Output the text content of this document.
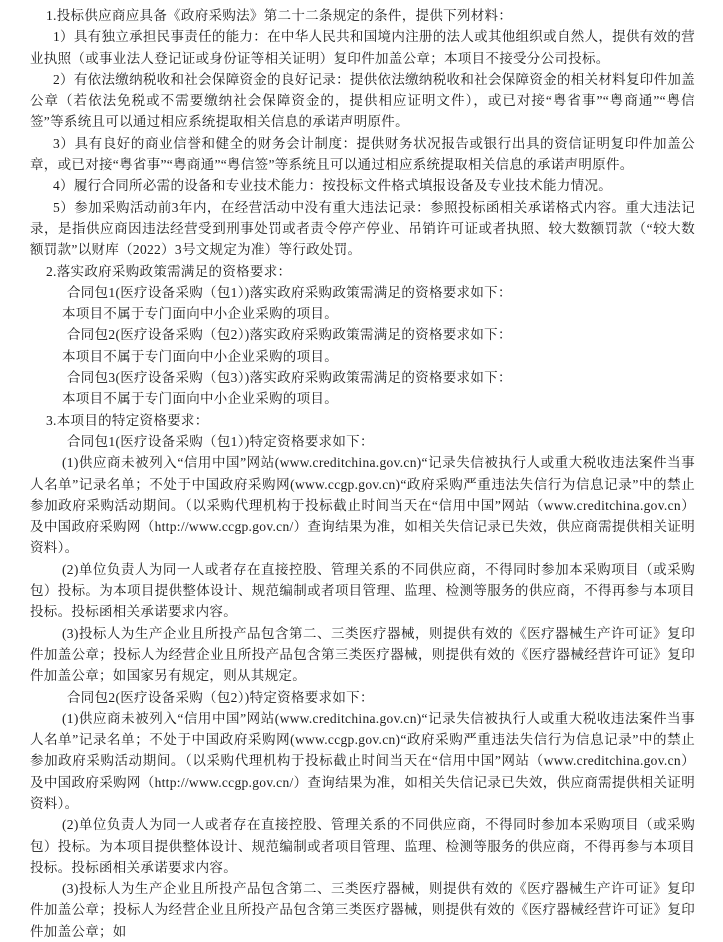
1.投标供应商应具备《政府采购法》第二十二条规定的条件，提供下列材料：

1）具有独立承担民事责任的能力：在中华人民共和国境内注册的法人或其他组织或自然人，提供有效的营业执照（或事业法人登记证或身份证等相关证明）复印件加盖公章；本项目不接受分公司投标。

2）有依法缴纳税收和社会保障资金的良好记录：提供依法缴纳税收和社会保障资金的相关材料复印件加盖公章（若依法免税或不需要缴纳社会保障资金的，提供相应证明文件），或已对接“粤省事”“粤商通”“粤信签”等系统且可以通过相应系统提取相关信息的承诺声明原件。

3）具有良好的商业信誉和健全的财务会计制度：提供财务状况报告或银行出具的资信证明复印件加盖公章，或已对接“粤省事”“粤商通”“粤信签”等系统且可以通过相应系统提取相关信息的承诺声明原件。

4）履行合同所必需的设备和专业技术能力：按投标文件格式填报设备及专业技术能力情况。

5）参加采购活动前3年内，在经营活动中没有重大违法记录：参照投标函相关承诺格式内容。重大违法记录，是指供应商因违法经营受到刑事处罚或者责令停产停业、吊销许可证或者执照、较大数额罚款（“较大数额罚款”以财库（2022）3号文规定为准）等行政处罚。

2.落实政府采购政策需满足的资格要求：

合同包1(医疗设备采购（包1）)落实政府采购政策需满足的资格要求如下：

本项目不属于专门面向中小企业采购的项目。

合同包2(医疗设备采购（包2）)落实政府采购政策需满足的资格要求如下：

本项目不属于专门面向中小企业采购的项目。

合同包3(医疗设备采购（包3）)落实政府采购政策需满足的资格要求如下：

本项目不属于专门面向中小企业采购的项目。

3.本项目的特定资格要求：

合同包1(医疗设备采购（包1）)特定资格要求如下：

(1)供应商未被列入“信用中国”网站(www.creditchina.gov.cn)“记录失信被执行人或重大税收违法案件当事人名单”记录名单；不处于中国政府采购网(www.ccgp.gov.cn)“政府采购严重违法失信行为信息记录”中的禁止参加政府采购活动期间。（以采购代理机构于投标截止时间当天在“信用中国”网站（www.creditchina.gov.cn）及中国政府采购网（http://www.ccgp.gov.cn/）查询结果为准，如相关失信记录已失效，供应商需提供相关证明资料）。

(2)单位负责人为同一人或者存在直接控股、管理关系的不同供应商，不得同时参加本采购项目（或采购包）投标。为本项目提供整体设计、规范编制或者项目管理、监理、检测等服务的供应商，不得再参与本项目投标。投标函相关承诺要求内容。

(3)投标人为生产企业且所投产品包含第二、三类医疗器械，则提供有效的《医疗器械生产许可证》复印件加盖公章；投标人为经营企业且所投产品包含第三类医疗器械，则提供有效的《医疗器械经营许可证》复印件加盖公章；如国家另有规定，则从其规定。

合同包2(医疗设备采购（包2）)特定资格要求如下：

(1)供应商未被列入“信用中国”网站(www.creditchina.gov.cn)“记录失信被执行人或重大税收违法案件当事人名单”记录名单；不处于中国政府采购网(www.ccgp.gov.cn)“政府采购严重违法失信行为信息记录”中的禁止参加政府采购活动期间。（以采购代理机构于投标截止时间当天在“信用中国”网站（www.creditchina.gov.cn）及中国政府采购网（http://www.ccgp.gov.cn/）查询结果为准，如相关失信记录已失效，供应商需提供相关证明资料）。

(2)单位负责人为同一人或者存在直接控股、管理关系的不同供应商，不得同时参加本采购项目（或采购包）投标。为本项目提供整体设计、规范编制或者项目管理、监理、检测等服务的供应商，不得再参与本项目投标。投标函相关承诺要求内容。

(3)投标人为生产企业且所投产品包含第二、三类医疗器械，则提供有效的《医疗器械生产许可证》复印件加盖公章；投标人为经营企业且所投产品包含第三类医疗器械，则提供有效的《医疗器械经营许可证》复印件加盖公章；如
